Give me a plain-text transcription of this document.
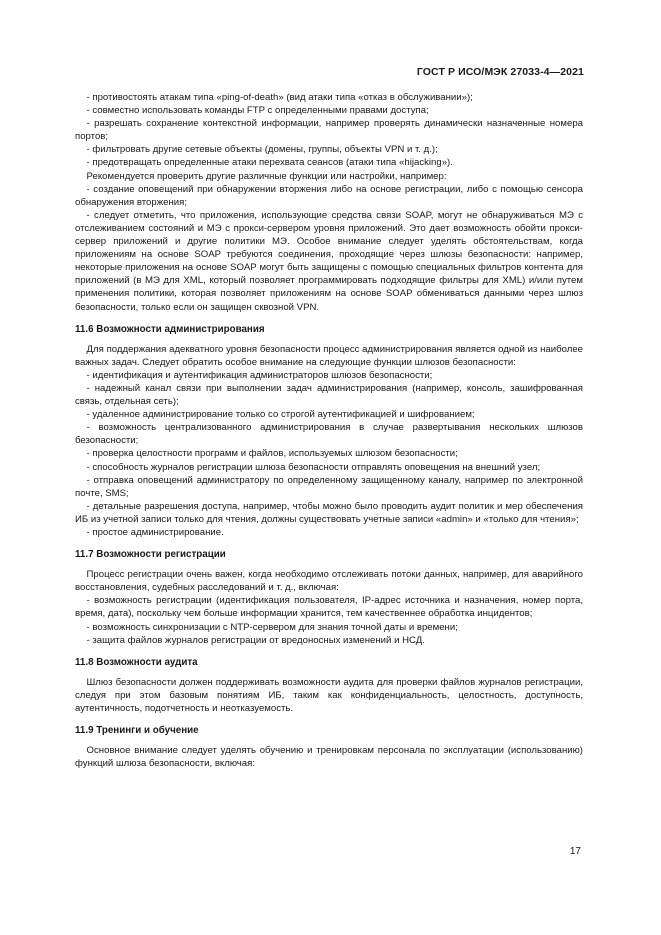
ГОСТ Р ИСО/МЭК 27033-4—2021

- противостоять атакам типа «ping-of-death» (вид атаки типа «отказ в обслуживании»);

- совместно использовать команды FTP с определенными правами доступа;

- разрешать сохранение контекстной информации, например проверять динамически назначенные номера портов;

- фильтровать другие сетевые объекты (домены, группы, объекты VPN и т. д.);

- предотвращать определенные атаки перехвата сеансов (атаки типа «hijacking»).

Рекомендуется проверить другие различные функции или настройки, например:

- создание оповещений при обнаружении вторжения либо на основе регистрации, либо с помощью сенсора обнаружения вторжения;

- следует отметить, что приложения, использующие средства связи SOAP, могут не обнаруживаться МЭ с отслеживанием состояний и МЭ с прокси-сервером уровня приложений. Это дает возможность обойти прокси-сервер приложений и другие политики МЭ. Особое внимание следует уделять обстоятельствам, когда приложениям на основе SOAP требуются соединения, проходящие через шлюзы безопасности: например, некоторые приложения на основе SOAP могут быть защищены с помощью специальных фильтров контента для приложений (в МЭ для XML, который позволяет программировать подходящие фильтры для XML) и/или путем применения политики, которая позволяет приложениям на основе SOAP обмениваться данными через шлюз безопасности, только если он защищен сквозной VPN.

11.6 Возможности администрирования

Для поддержания адекватного уровня безопасности процесс администрирования является одной из наиболее важных задач. Следует обратить особое внимание на следующие функции шлюзов безопасности:

- идентификация и аутентификация администраторов шлюзов безопасности;

- надежный канал связи при выполнении задач администрирования (например, консоль, зашифрованная связь, отдельная сеть);

- удаленное администрирование только со строгой аутентификацией и шифрованием;

- возможность централизованного администрирования в случае развертывания нескольких шлюзов безопасности;

- проверка целостности программ и файлов, используемых шлюзом безопасности;

- способность журналов регистрации шлюза безопасности отправлять оповещения на внешний узел;

- отправка оповещений администратору по определенному защищенному каналу, например по электронной почте, SMS;

- детальные разрешения доступа, например, чтобы можно было проводить аудит политик и мер обеспечения ИБ из учетной записи только для чтения, должны существовать учетные записи «admin» и «только для чтения»;

- простое администрирование.

11.7 Возможности регистрации

Процесс регистрации очень важен, когда необходимо отслеживать потоки данных, например, для аварийного восстановления, судебных расследований и т. д., включая:

- возможность регистрации (идентификация пользователя, IP-адрес источника и назначения, номер порта, время, дата), поскольку чем больше информации хранится, тем качественнее обработка инцидентов;

- возможность синхронизации с NTP-сервером для знания точной даты и времени;

- защита файлов журналов регистрации от вредоносных изменений и НСД.

11.8 Возможности аудита

Шлюз безопасности должен поддерживать возможности аудита для проверки файлов журналов регистрации, следуя при этом базовым понятиям ИБ, таким как конфиденциальность, целостность, доступность, аутентичность, подотчетность и неотказуемость.

11.9 Тренинги и обучение

Основное внимание следует уделять обучению и тренировкам персонала по эксплуатации (использованию) функций шлюза безопасности, включая:

17
